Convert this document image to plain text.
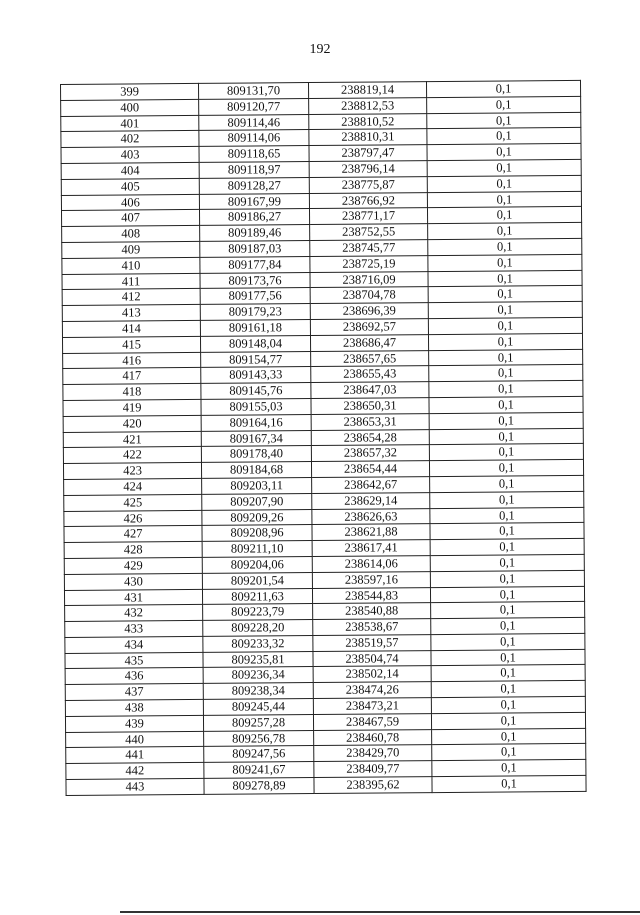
192
399	809131,70	238819,14	0,1
400	809120,77	238812,53	0,1
401	809114,46	238810,52	0,1
402	809114,06	238810,31	0,1
403	809118,65	238797,47	0,1
404	809118,97	238796,14	0,1
405	809128,27	238775,87	0,1
406	809167,99	238766,92	0,1
407	809186,27	238771,17	0,1
408	809189,46	238752,55	0,1
409	809187,03	238745,77	0,1
410	809177,84	238725,19	0,1
411	809173,76	238716,09	0,1
412	809177,56	238704,78	0,1
413	809179,23	238696,39	0,1
414	809161,18	238692,57	0,1
415	809148,04	238686,47	0,1
416	809154,77	238657,65	0,1
417	809143,33	238655,43	0,1
418	809145,76	238647,03	0,1
419	809155,03	238650,31	0,1
420	809164,16	238653,31	0,1
421	809167,34	238654,28	0,1
422	809178,40	238657,32	0,1
423	809184,68	238654,44	0,1
424	809203,11	238642,67	0,1
425	809207,90	238629,14	0,1
426	809209,26	238626,63	0,1
427	809208,96	238621,88	0,1
428	809211,10	238617,41	0,1
429	809204,06	238614,06	0,1
430	809201,54	238597,16	0,1
431	809211,63	238544,83	0,1
432	809223,79	238540,88	0,1
433	809228,20	238538,67	0,1
434	809233,32	238519,57	0,1
435	809235,81	238504,74	0,1
436	809236,34	238502,14	0,1
437	809238,34	238474,26	0,1
438	809245,44	238473,21	0,1
439	809257,28	238467,59	0,1
440	809256,78	238460,78	0,1
441	809247,56	238429,70	0,1
442	809241,67	238409,77	0,1
443	809278,89	238395,62	0,1
